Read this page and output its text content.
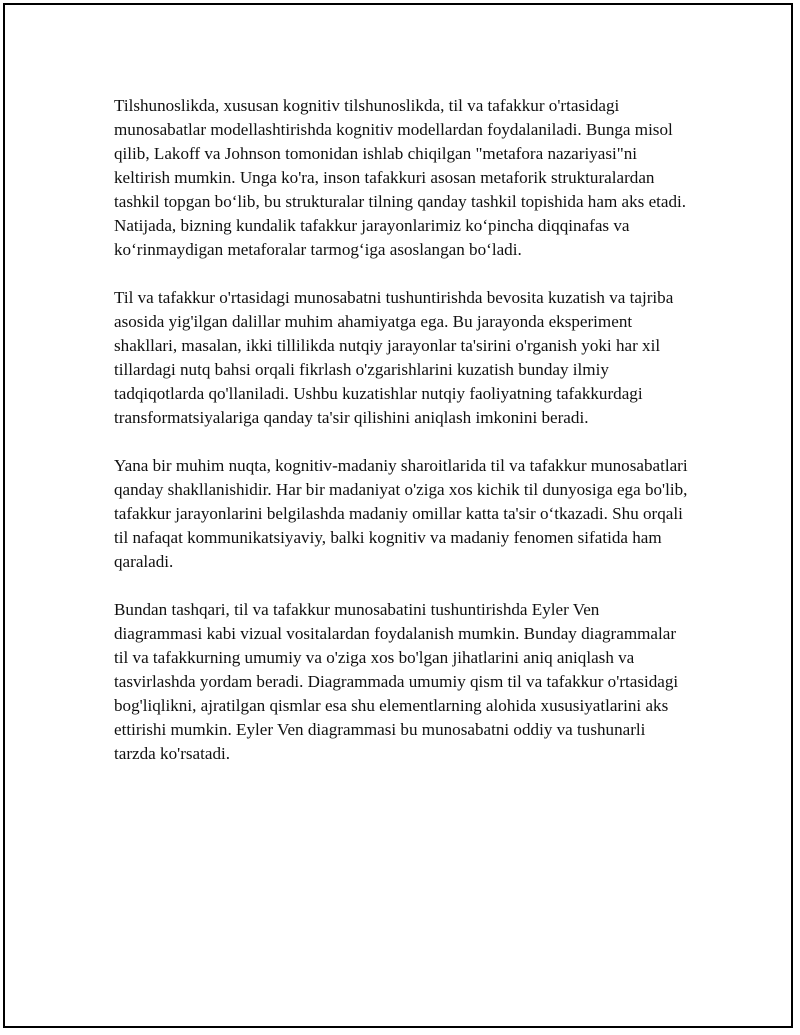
Tilshunoslikda, xususan kognitiv tilshunoslikda, til va tafakkur o'rtasidagi munosabatlar modellashtirishda kognitiv modellardan foydalaniladi. Bunga misol qilib, Lakoff va Johnson tomonidan ishlab chiqilgan "metafora nazariyasi"ni keltirish mumkin. Unga ko'ra, inson tafakkuri asosan metaforik strukturalardan tashkil topgan bo‘lib, bu strukturalar tilning qanday tashkil topishida ham aks etadi. Natijada, bizning kundalik tafakkur jarayonlarimiz ko‘pincha diqqinafas va ko‘rinmaydigan metaforalar tarmog‘iga asoslangan bo‘ladi.

Til va tafakkur o'rtasidagi munosabatni tushuntirishda bevosita kuzatish va tajriba asosida yig'ilgan dalillar muhim ahamiyatga ega. Bu jarayonda eksperiment shakllari, masalan, ikki tillilikda nutqiy jarayonlar ta'sirini o'rganish yoki har xil tillardagi nutq bahsi orqali fikrlash o'zgarishlarini kuzatish bunday ilmiy tadqiqotlarda qo'llaniladi. Ushbu kuzatishlar nutqiy faoliyatning tafakkurdagi transformatsiyalariga qanday ta'sir qilishini aniqlash imkonini beradi.

Yana bir muhim nuqta, kognitiv-madaniy sharoitlarida til va tafakkur munosabatlari qanday shakllanishidir. Har bir madaniyat o'ziga xos kichik til dunyosiga ega bo'lib, tafakkur jarayonlarini belgilashda madaniy omillar katta ta'sir o‘tkazadi. Shu orqali til nafaqat kommunikatsiyaviy, balki kognitiv va madaniy fenomen sifatida ham qaraladi.

Bundan tashqari, til va tafakkur munosabatini tushuntirishda Eyler Ven diagrammasi kabi vizual vositalardan foydalanish mumkin. Bunday diagrammalar til va tafakkurning umumiy va o'ziga xos bo'lgan jihatlarini aniq aniqlash va tasvirlashda yordam beradi. Diagrammada umumiy qism til va tafakkur o'rtasidagi bog'liqlikni, ajratilgan qismlar esa shu elementlarning alohida xususiyatlarini aks ettirishi mumkin. Eyler Ven diagrammasi bu munosabatni oddiy va tushunarli tarzda ko'rsatadi.
